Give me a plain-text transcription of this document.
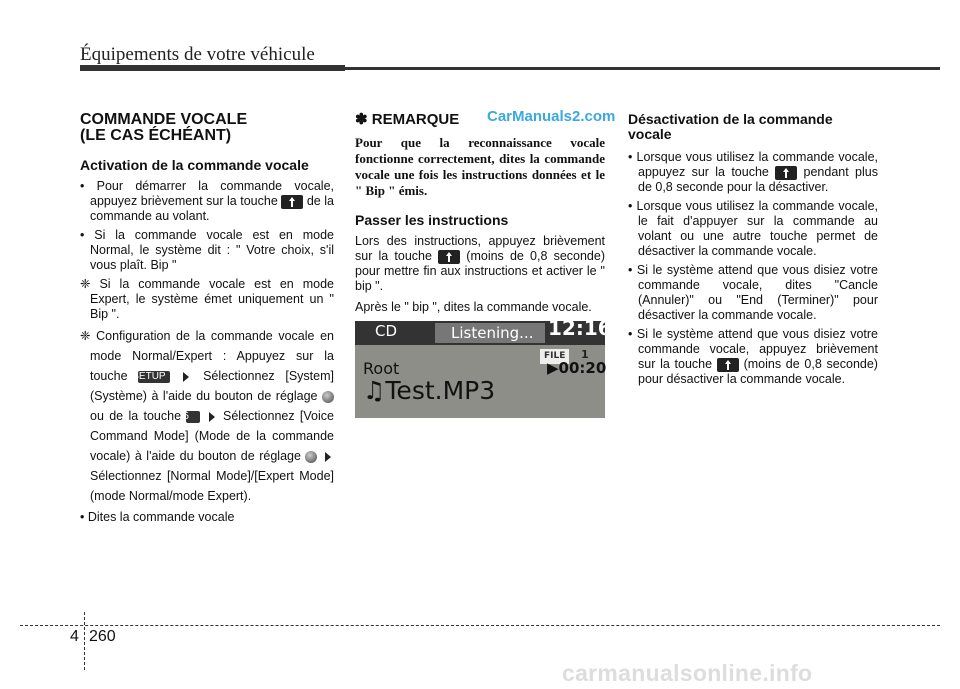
Équipements de votre véhicule
COMMANDE VOCALE
(LE CAS ÉCHÉANT)
Activation de la commande vocale
• Pour démarrer la commande vocale, appuyez brièvement sur la touche de la commande au volant.
• Si la commande vocale est en mode Normal, le système dit : " Votre choix, s'il vous plaît. Bip "
❈ Si la commande vocale est en mode Expert, le système émet uniquement un " Bip ".
❈ Configuration de la commande vocale en mode Normal/Expert : Appuyez sur la touche SETUP	Sélectionnez [System] (Système) à l'aide du bouton de réglage  ou de la touche 5	Sélectionnez [Voice Command Mode] (Mode de la commande vocale) à l'aide du bouton de réglage   Sélectionnez [Normal Mode]/[Expert Mode] (mode Normal/mode Expert).
• Dites la commande vocale
✽ REMARQUE
Pour que la reconnaissance vocale fonctionne correctement, dites la commande vocale une fois les instructions données et le " Bip " émis.
Passer les instructions

Lors des instructions, appuyez brièvement sur la touche	(moins de 0,8 seconde) pour mettre fin aux instructions et activer le " bip ".

Après le " bip ", dites la commande vocale.

CD	Listening... 12:16
FILE	1
Root	▶00:20
♫Test.MP3
CarManuals2.com Désactivation de la commande vocale
• Lorsque vous utilisez la commande vocale, appuyez sur la touche	pendant plus de 0,8 seconde pour la désactiver.
• Lorsque vous utilisez la commande vocale, le fait d'appuyer sur la commande au volant ou une autre touche permet de désactiver la commande vocale.
• Si le système attend que vous disiez votre commande vocale, dites "Cancle (Annuler)" ou "End (Terminer)" pour désactiver la commande vocale.
• Si le système attend que vous disiez votre commande vocale, appuyez brièvement sur la touche	(moins de 0,8 seconde) pour désactiver la commande vocale.
4 260
carmanualsonline.info
